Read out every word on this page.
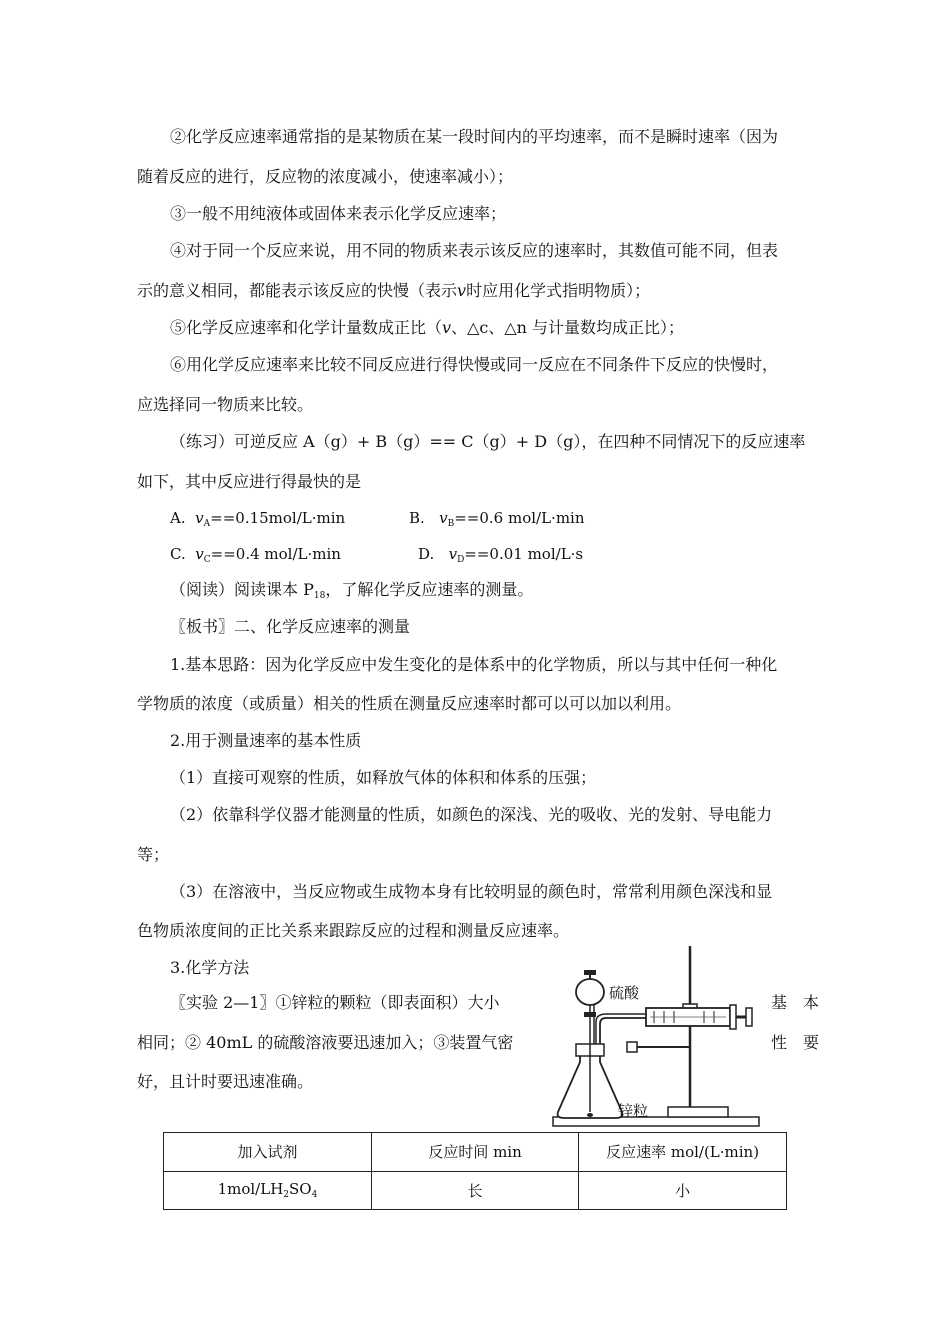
②化学反应速率通常指的是某物质在某一段时间内的平均速率，而不是瞬时速率（因为
随着反应的进行，反应物的浓度减小，使速率减小）；
③一般不用纯液体或固体来表示化学反应速率；
④对于同一个反应来说，用不同的物质来表示该反应的速率时，其数值可能不同，但表
示的意义相同，都能表示该反应的快慢（表示v时应用化学式指明物质）；
⑤化学反应速率和化学计量数成正比（v、△c、△n 与计量数均成正比）；
⑥用化学反应速率来比较不同反应进行得快慢或同一反应在不同条件下反应的快慢时，
应选择同一物质来比较。
（练习）可逆反应 A（g）+ B（g）== C（g）+ D（g），在四种不同情况下的反应速率
如下，其中反应进行得最快的是
A. $v_A==0.15mol/L\cdot\min$	B. $v_B==0.6$ mol/L·min
C. $v_C==0.4$ mol/L·min	D. $v_D==0.01$ mol/L·s
（阅读）阅读课本 $P_{18}$，了解化学反应速率的测量。
〖板书〗二、化学反应速率的测量
1.基本思路：因为化学反应中发生变化的是体系中的化学物质，所以与其中任何一种化
学物质的浓度（或质量）相关的性质在测量反应速率时都可以可以加以利用。
2.用于测量速率的基本性质
（1）直接可观察的性质，如释放气体的体积和体系的压强；
（2）依靠科学仪器才能测量的性质，如颜色的深浅、光的吸收、光的发射、导电能力
等；
（3）在溶液中，当反应物或生成物本身有比较明显的颜色时，常常利用颜色深浅和显
色物质浓度间的正比关系来跟踪反应的过程和测量反应速率。
3.化学方法
〖实验 2—1〗①锌粒的颗粒（即表面积）大小
相同；② 40mL 的硫酸溶液要迅速加入；③装置气密
好，且计时要迅速准确。
基　本
性　要
硫酸
锌粒
加入试剂	反应时间 min	反应速率 mol/(L·min)
$1mol/LH_2SO_4$	长	小
